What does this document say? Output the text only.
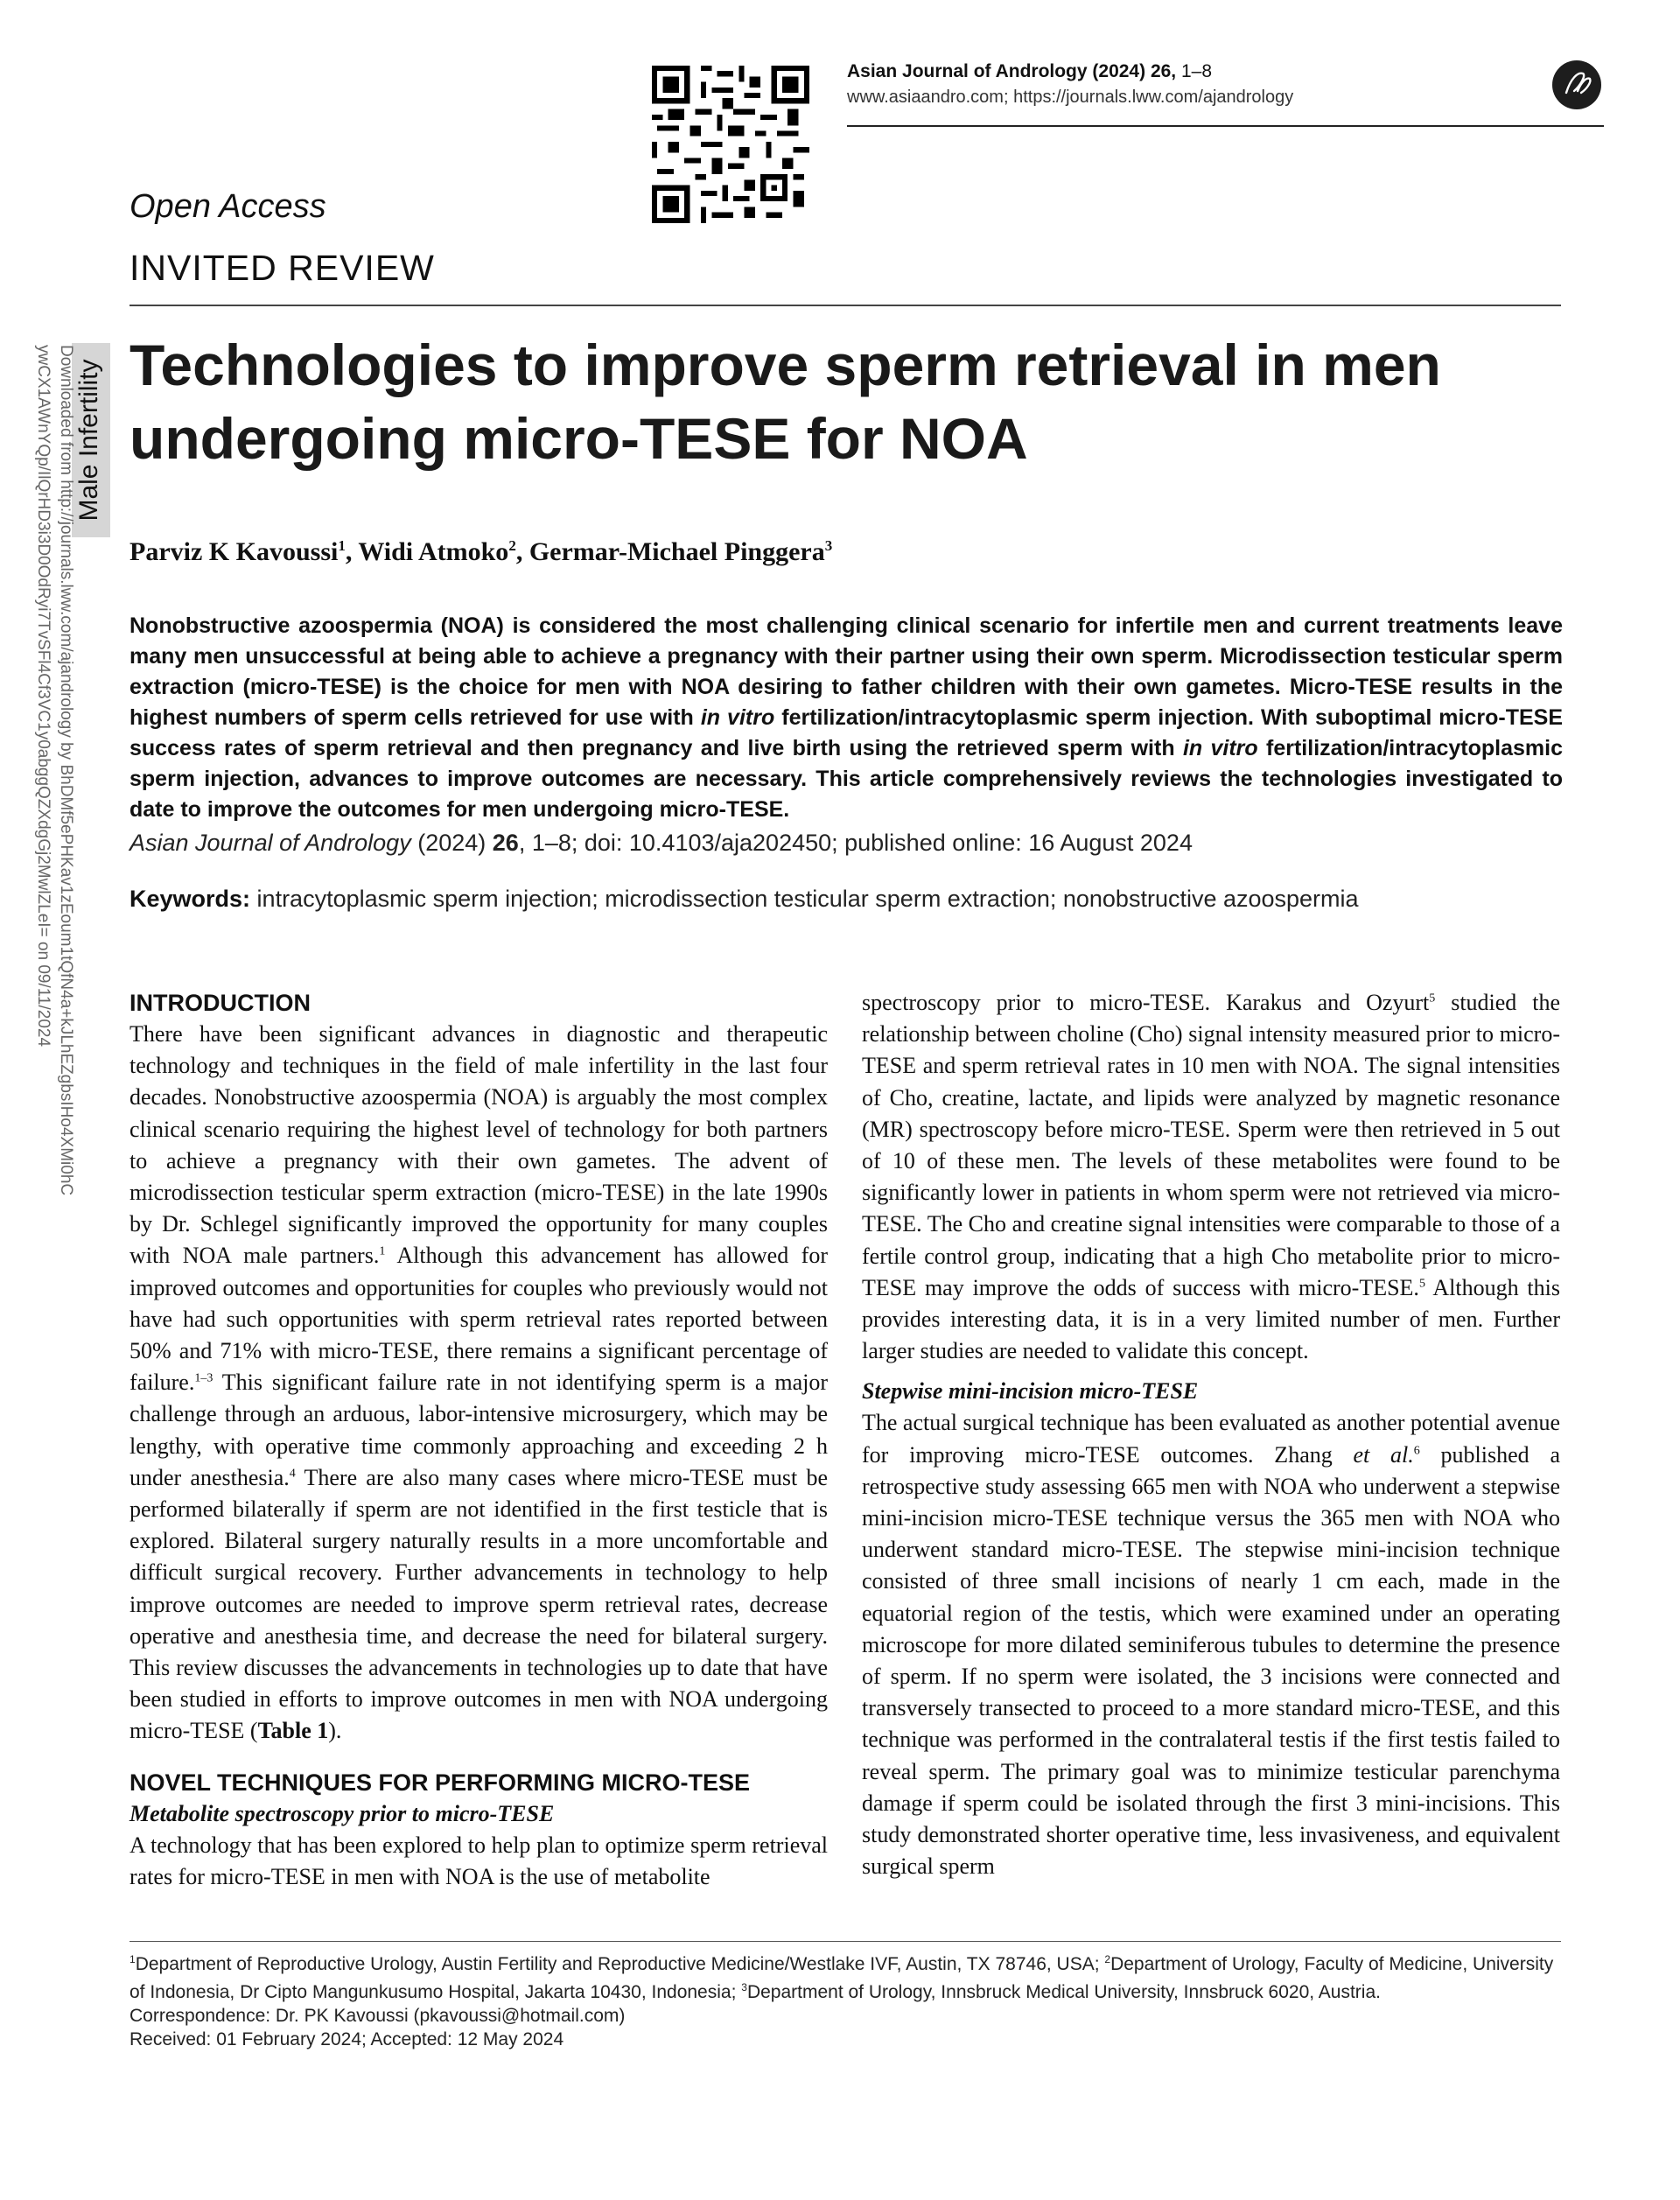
Asian Journal of Andrology (2024) 26, 1–8
www.asiaandro.com; https://journals.lww.com/ajandrology
Open Access
INVITED REVIEW
Male Infertility
Downloaded from http://journals.lww.com/ajandrology by BhDMf5ePHKav1zEoum1tQfN4a+kJLhEZgbsIHo4XMi0hC
ywCX1AWnYQp/IlQrHD3i3D0OdRyi7TvSFl4Cf3VC1y0abggQZXdgGj2MwlZLeI= on 09/11/2024 Technologies to improve sperm retrieval in men undergoing micro-TESE for NOA
Parviz K Kavoussi$^1$, Widi Atmoko$^2$, Germar-Michael Pinggera$^3$

Nonobstructive azoospermia (NOA) is considered the most challenging clinical scenario for infertile men and current treatments leave many men unsuccessful at being able to achieve a pregnancy with their partner using their own sperm. Microdissection testicular sperm extraction (micro-TESE) is the choice for men with NOA desiring to father children with their own gametes. Micro-TESE results in the highest numbers of sperm cells retrieved for use with in vitro fertilization/intracytoplasmic sperm injection. With suboptimal micro-TESE success rates of sperm retrieval and then pregnancy and live birth using the retrieved sperm with in vitro fertilization/intracytoplasmic sperm injection, advances to improve outcomes are necessary. This article comprehensively reviews the technologies investigated to date to improve the outcomes for men undergoing micro-TESE.

Asian Journal of Andrology (2024) 26, 1–8; doi: 10.4103/aja202450; published online: 16 August 2024
Keywords: intracytoplasmic sperm injection; microdissection testicular sperm extraction; nonobstructive azoospermia
INTRODUCTION

There have been significant advances in diagnostic and therapeutic technology and techniques in the field of male infertility in the last four decades. Nonobstructive azoospermia (NOA) is arguably the most complex clinical scenario requiring the highest level of technology for both partners to achieve a pregnancy with their own gametes. The advent of microdissection testicular sperm extraction (micro-TESE) in the late 1990s by Dr. Schlegel significantly improved the opportunity for many couples with NOA male partners.$^1$ Although this advancement has allowed for improved outcomes and opportunities for couples who previously would not have had such opportunities with sperm retrieval rates reported between 50% and 71% with micro-TESE, there remains a significant percentage of failure.$^{1-3}$ This significant failure rate in not identifying sperm is a major challenge through an arduous, labor-intensive microsurgery, which may be lengthy, with operative time commonly approaching and exceeding 2 h under anesthesia.$^4$ There are also many cases where micro-TESE must be performed bilaterally if sperm are not identified in the first testicle that is explored. Bilateral surgery naturally results in a more uncomfortable and difficult surgical recovery. Further advancements in technology to help improve outcomes are needed to improve sperm retrieval rates, decrease operative and anesthesia time, and decrease the need for bilateral surgery. This review discusses the advancements in technologies up to date that have been studied in efforts to improve outcomes in men with NOA undergoing micro-TESE (Table 1).

NOVEL TECHNIQUES FOR PERFORMING MICRO-TESE
Metabolite spectroscopy prior to micro-TESE

A technology that has been explored to help plan to optimize sperm retrieval rates for micro-TESE in men with NOA is the use of metabolite

spectroscopy prior to micro-TESE. Karakus and Ozyurt$^5$ studied the relationship between choline (Cho) signal intensity measured prior to micro-TESE and sperm retrieval rates in 10 men with NOA. The signal intensities of Cho, creatine, lactate, and lipids were analyzed by magnetic resonance (MR) spectroscopy before micro-TESE. Sperm were then retrieved in 5 out of 10 of these men. The levels of these metabolites were found to be significantly lower in patients in whom sperm were not retrieved via micro-TESE. The Cho and creatine signal intensities were comparable to those of a fertile control group, indicating that a high Cho metabolite prior to micro-TESE may improve the odds of success with micro-TESE.$^5$ Although this provides interesting data, it is in a very limited number of men. Further larger studies are needed to validate this concept.

Stepwise mini-incision micro-TESE

The actual surgical technique has been evaluated as another potential avenue for improving micro-TESE outcomes. Zhang et al.$^6$ published a retrospective study assessing 665 men with NOA who underwent a stepwise mini-incision micro-TESE technique versus the 365 men with NOA who underwent standard micro-TESE. The stepwise mini-incision technique consisted of three small incisions of nearly 1 cm each, made in the equatorial region of the testis, which were examined under an operating microscope for more dilated seminiferous tubules to determine the presence of sperm. If no sperm were isolated, the 3 incisions were connected and transversely transected to proceed to a more standard micro-TESE, and this technique was performed in the contralateral testis if the first testis failed to reveal sperm. The primary goal was to minimize testicular parenchyma damage if sperm could be isolated through the first 3 mini-incisions. This study demonstrated shorter operative time, less invasiveness, and equivalent surgical sperm

$^1$Department of Reproductive Urology, Austin Fertility and Reproductive Medicine/Westlake IVF, Austin, TX 78746, USA; $^2$Department of Urology, Faculty of Medicine, University of Indonesia, Dr Cipto Mangunkusumo Hospital, Jakarta 10430, Indonesia; $^3$Department of Urology, Innsbruck Medical University, Innsbruck 6020, Austria.
Correspondence: Dr. PK Kavoussi (pkavoussi@hotmail.com)
Received: 01 February 2024; Accepted: 12 May 2024
